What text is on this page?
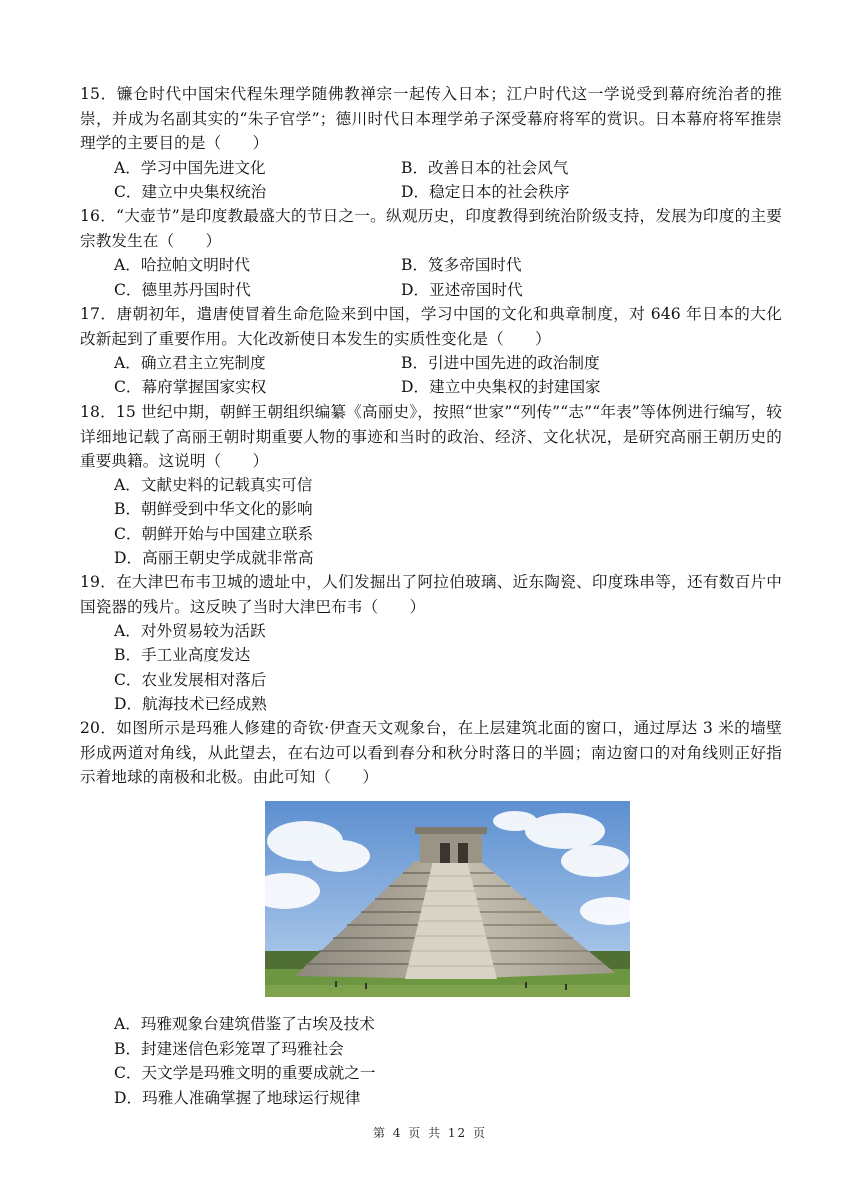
15．镰仓时代中国宋代程朱理学随佛教禅宗一起传入日本；江户时代这一学说受到幕府统治者的推崇，并成为名副其实的“朱子官学”；德川时代日本理学弟子深受幕府将军的赏识。日本幕府将军推崇理学的主要目的是（　　）
A．学习中国先进文化	B．改善日本的社会风气
C．建立中央集权统治	D．稳定日本的社会秩序
16．“大壶节”是印度教最盛大的节日之一。纵观历史，印度教得到统治阶级支持，发展为印度的主要宗教发生在（　　）
A．哈拉帕文明时代	B．笈多帝国时代
C．德里苏丹国时代	D．亚述帝国时代
17．唐朝初年，遣唐使冒着生命危险来到中国，学习中国的文化和典章制度，对 646 年日本的大化改新起到了重要作用。大化改新使日本发生的实质性变化是（　　）
A．确立君主立宪制度	B．引进中国先进的政治制度
C．幕府掌握国家实权	D．建立中央集权的封建国家
18．15 世纪中期，朝鲜王朝组织编纂《高丽史》，按照“世家”“列传”“志”“年表”等体例进行编写，较详细地记载了高丽王朝时期重要人物的事迹和当时的政治、经济、文化状况，是研究高丽王朝历史的重要典籍。这说明（　　）
A．文献史料的记载真实可信
B．朝鲜受到中华文化的影响
C．朝鲜开始与中国建立联系
D．高丽王朝史学成就非常高
19．在大津巴布韦卫城的遗址中，人们发掘出了阿拉伯玻璃、近东陶瓷、印度珠串等，还有数百片中国瓷器的残片。这反映了当时大津巴布韦（　　）
A．对外贸易较为活跃
B．手工业高度发达
C．农业发展相对落后
D．航海技术已经成熟
20．如图所示是玛雅人修建的奇钦·伊查天文观象台，在上层建筑北面的窗口，通过厚达 3 米的墙壁形成两道对角线，从此望去，在右边可以看到春分和秋分时落日的半圆；南边窗口的对角线则正好指示着地球的南极和北极。由此可知（　　）
A．玛雅观象台建筑借鉴了古埃及技术
B．封建迷信色彩笼罩了玛雅社会
C．天文学是玛雅文明的重要成就之一
D．玛雅人准确掌握了地球运行规律
第 4 页 共 12 页
